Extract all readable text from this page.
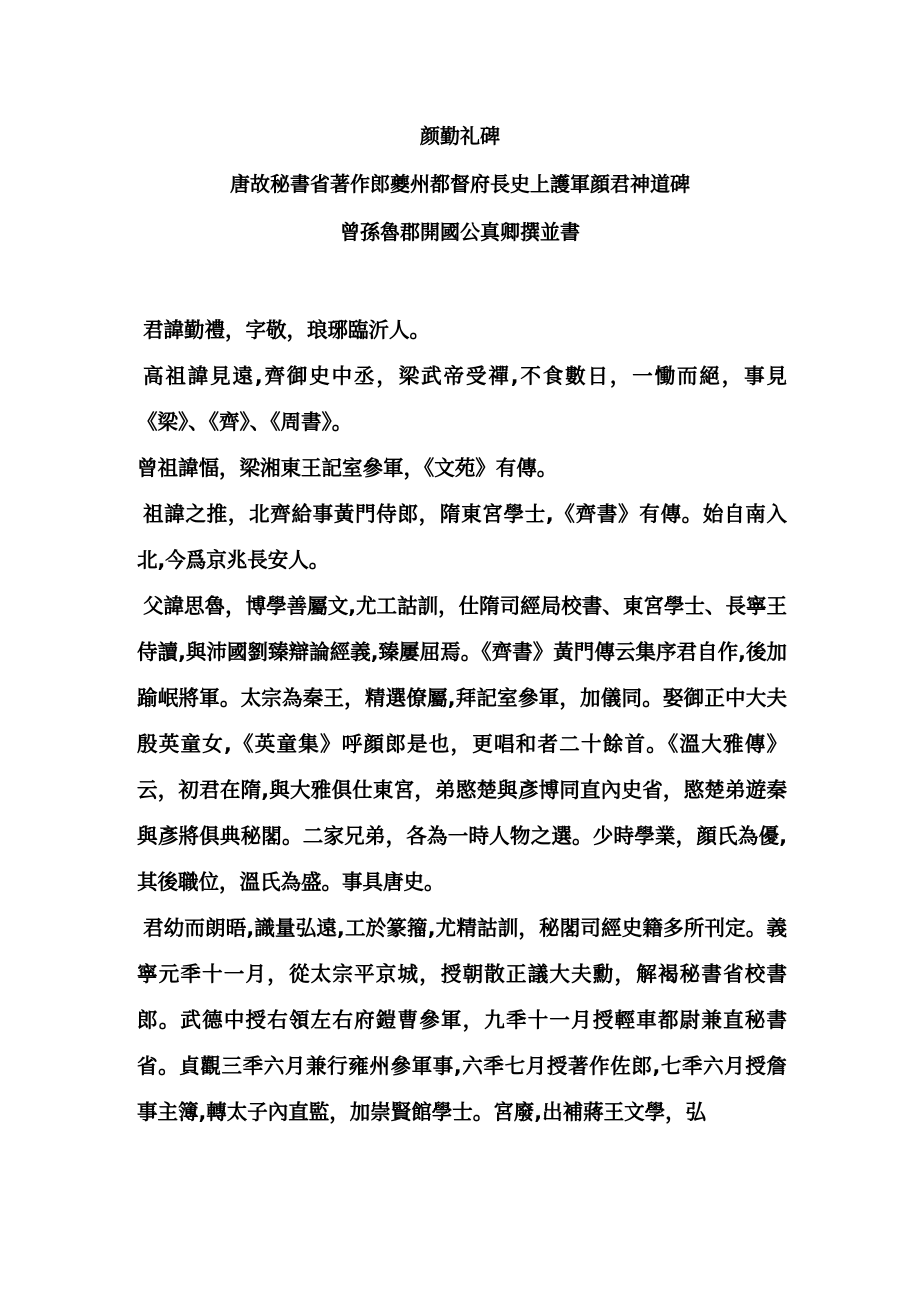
颜勤礼碑
唐故秘書省著作郎夔州都督府長史上護軍顔君神道碑
曾孫魯郡開國公真卿撰並書

君諱勤禮，字敬，琅琊臨沂人。

高祖諱見遠,齊御史中丞，梁武帝受禪,不食數日，一慟而絕，事見《梁》、《齊》、《周書》。

曾祖諱愊，梁湘東王記室參軍，《文苑》有傳。

祖諱之推，北齊給事黃門侍郎，隋東宮學士,《齊書》有傳。始自南入北,今爲京兆長安人。

父諱思魯，博學善屬文,尤工詁訓，仕隋司經局校書、東宮學士、長寧王侍讀,與沛國劉臻辯論經義,臻屢屈焉。《齊書》黃門傳云集序君自作,後加踰岷將軍。太宗為秦王，精選僚屬,拜記室參軍，加儀同。娶御正中大夫殷英童女,《英童集》呼顔郎是也，更唱和者二十餘首。《溫大雅傳》云，初君在隋,與大雅俱仕東宮，弟愍楚與彥博同直內史省，愍楚弟遊秦與彥將俱典秘閣。二家兄弟，各為一時人物之選。少時學業，顔氏為優,其後職位，溫氏為盛。事具唐史。

君幼而朗晤,識量弘遠,工於篆籀,尤精詁訓，秘閣司經史籍多所刊定。義寧元秊十一月，從太宗平京城，授朝散正議大夫勳，解褐秘書省校書郎。武德中授右領左右府鎧曹參軍，九秊十一月授輕車都尉兼直秘書省。貞觀三秊六月兼行雍州參軍事,六秊七月授著作佐郎,七秊六月授詹事主簿,轉太子內直監，加崇賢館學士。宮廢,出補蔣王文學，弘
